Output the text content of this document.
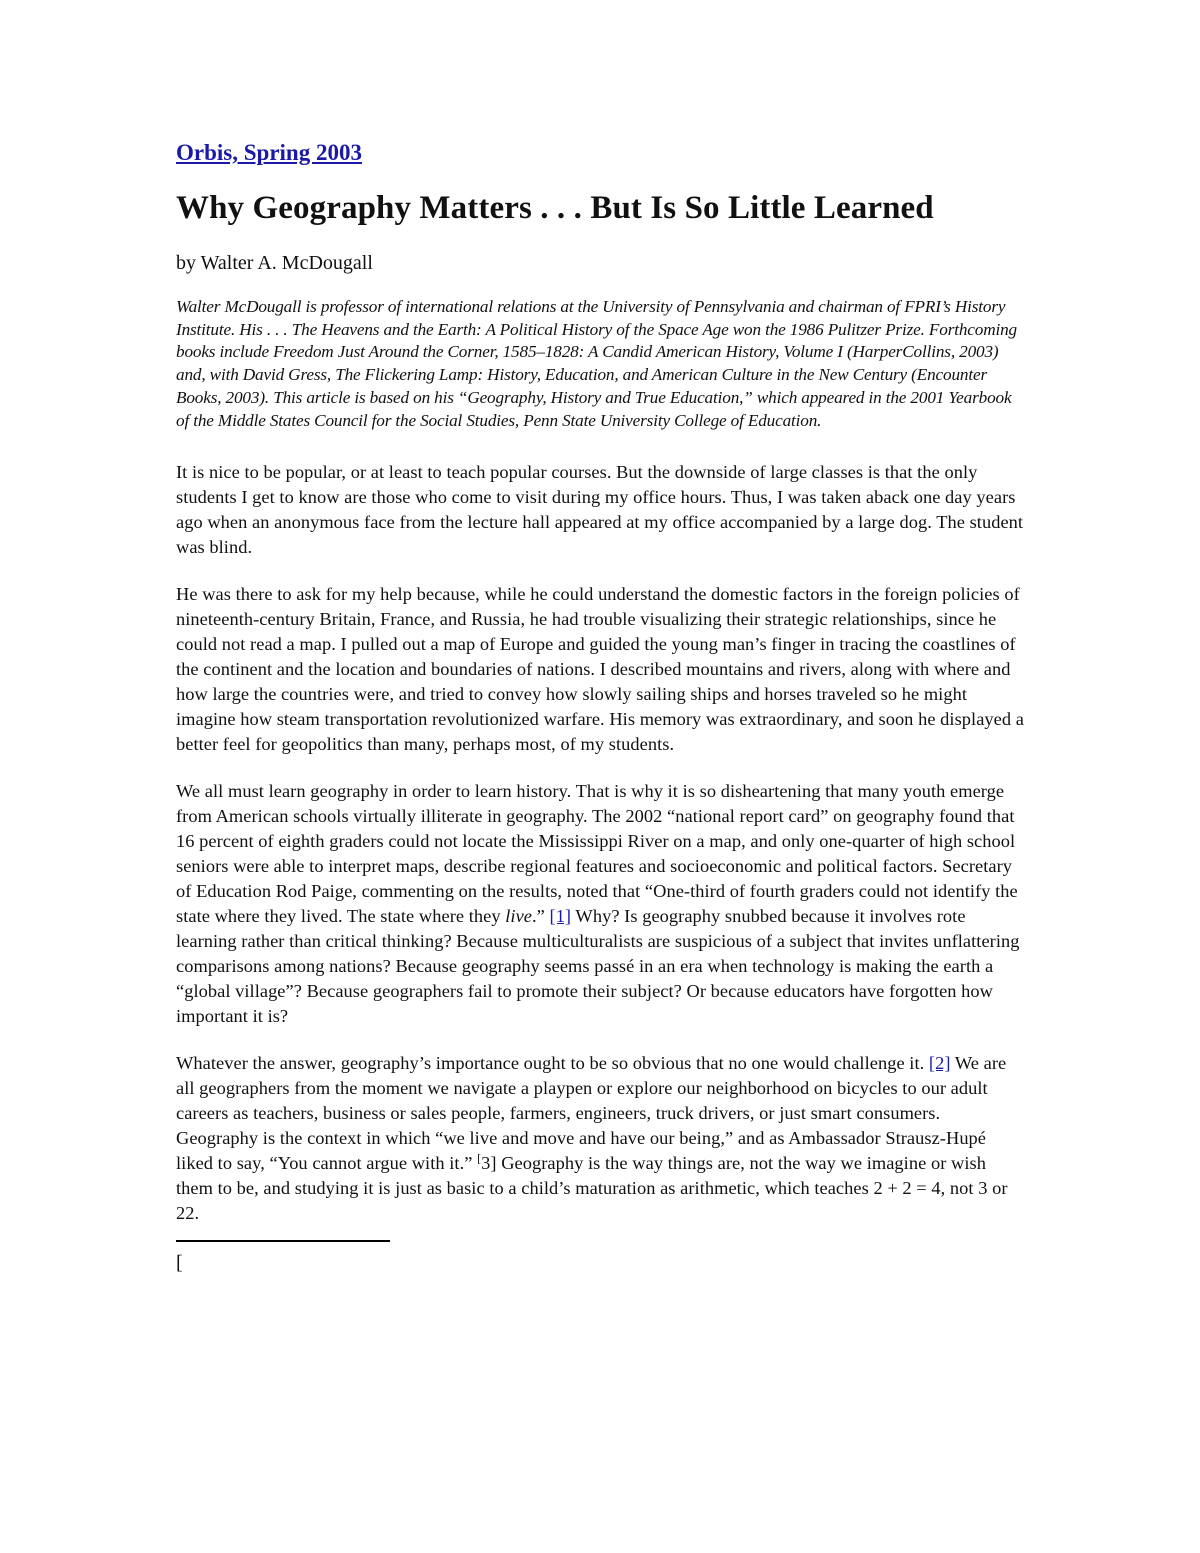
Orbis, Spring 2003
Why Geography Matters . . . But Is So Little Learned

by Walter A. McDougall

Walter McDougall is professor of international relations at the University of Pennsylvania and chairman of FPRI’s History Institute. His . . . The Heavens and the Earth: A Political History of the Space Age won the 1986 Pulitzer Prize. Forthcoming books include Freedom Just Around the Corner, 1585–1828: A Candid American History, Volume I (HarperCollins, 2003) and, with David Gress, The Flickering Lamp: History, Education, and American Culture in the New Century (Encounter Books, 2003). This article is based on his “Geography, History and True Education,” which appeared in the 2001 Yearbook of the Middle States Council for the Social Studies, Penn State University College of Education.

It is nice to be popular, or at least to teach popular courses. But the downside of large classes is that the only students I get to know are those who come to visit during my office hours. Thus, I was taken aback one day years ago when an anonymous face from the lecture hall appeared at my office accompanied by a large dog. The student was blind.

He was there to ask for my help because, while he could understand the domestic factors in the foreign policies of nineteenth-century Britain, France, and Russia, he had trouble visualizing their strategic relationships, since he could not read a map. I pulled out a map of Europe and guided the young man’s finger in tracing the coastlines of the continent and the location and boundaries of nations. I described mountains and rivers, along with where and how large the countries were, and tried to convey how slowly sailing ships and horses traveled so he might imagine how steam transportation revolutionized warfare. His memory was extraordinary, and soon he displayed a better feel for geopolitics than many, perhaps most, of my students.

We all must learn geography in order to learn history. That is why it is so disheartening that many youth emerge from American schools virtually illiterate in geography. The 2002 “national report card” on geography found that 16 percent of eighth graders could not locate the Mississippi River on a map, and only one-quarter of high school seniors were able to interpret maps, describe regional features and socioeconomic and political factors. Secretary of Education Rod Paige, commenting on the results, noted that “One-third of fourth graders could not identify the state where they lived. The state where they live.” [1] Why? Is geography snubbed because it involves rote learning rather than critical thinking? Because multiculturalists are suspicious of a subject that invites unflattering comparisons among nations? Because geography seems passé in an era when technology is making the earth a “global village”? Because geographers fail to promote their subject? Or because educators have forgotten how important it is?

Whatever the answer, geography’s importance ought to be so obvious that no one would challenge it. [2] We are all geographers from the moment we navigate a playpen or explore our neighborhood on bicycles to our adult careers as teachers, business or sales people, farmers, engineers, truck drivers, or just smart consumers. Geography is the context in which “we live and move and have our being,” and as Ambassador Strausz-Hupé liked to say, “You cannot argue with it.” [3] Geography is the way things are, not the way we imagine or wish them to be, and studying it is just as basic to a child’s maturation as arithmetic, which teaches 2 + 2 = 4, not 3 or 22.

[
